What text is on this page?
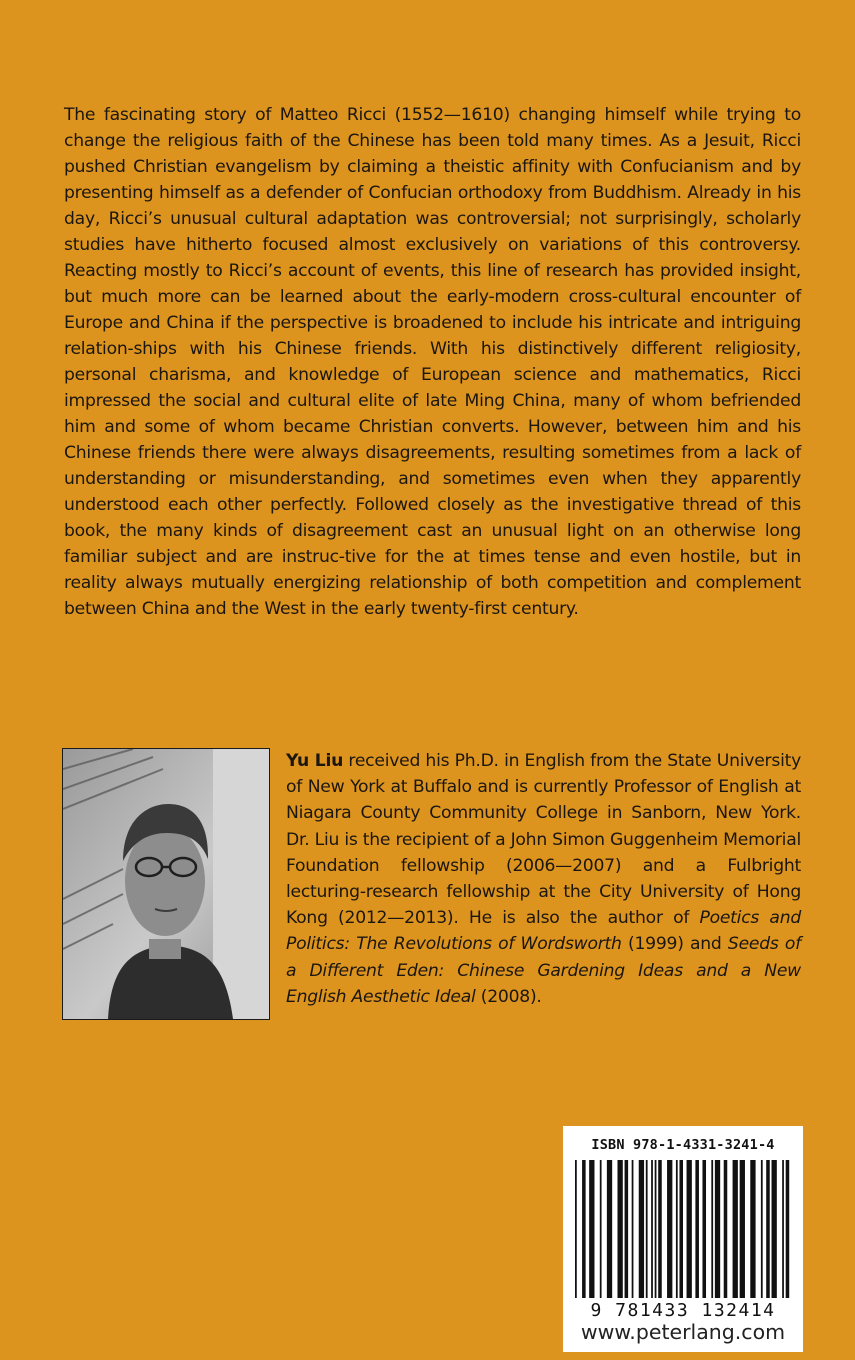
The fascinating story of Matteo Ricci (1552—1610) changing himself while trying to change the religious faith of the Chinese has been told many times. As a Jesuit, Ricci pushed Christian evangelism by claiming a theistic affinity with Confucianism and by presenting himself as a defender of Confucian orthodoxy from Buddhism. Already in his day, Ricci’s unusual cultural adaptation was controversial; not surprisingly, scholarly studies have hitherto focused almost exclusively on variations of this controversy. Reacting mostly to Ricci’s account of events, this line of research has provided insight, but much more can be learned about the early-modern cross-cultural encounter of Europe and China if the perspective is broadened to include his intricate and intriguing relation-ships with his Chinese friends. With his distinctively different religiosity, personal charisma, and knowledge of European science and mathematics, Ricci impressed the social and cultural elite of late Ming China, many of whom befriended him and some of whom became Christian converts. However, between him and his Chinese friends there were always disagreements, resulting sometimes from a lack of understanding or misunderstanding, and sometimes even when they apparently understood each other perfectly. Followed closely as the investigative thread of this book, the many kinds of disagreement cast an unusual light on an otherwise long familiar subject and are instruc-tive for the at times tense and even hostile, but in reality always mutually energizing relationship of both competition and complement between China and the West in the early twenty-first century.

Yu Liu received his Ph.D. in English from the State University of New York at Buffalo and is currently Professor of English at Niagara County Community College in Sanborn, New York. Dr. Liu is the recipient of a John Simon Guggenheim Memorial Foundation fellowship (2006—2007) and a Fulbright lecturing-research fellowship at the City University of Hong Kong (2012—2013). He is also the author of Poetics and Politics: The Revolutions of Wordsworth (1999) and Seeds of a Different Eden: Chinese Gardening Ideas and a New English Aesthetic Ideal (2008).

ISBN 978-1-4331-3241-4
9 781433 132414
www.peterlang.com
